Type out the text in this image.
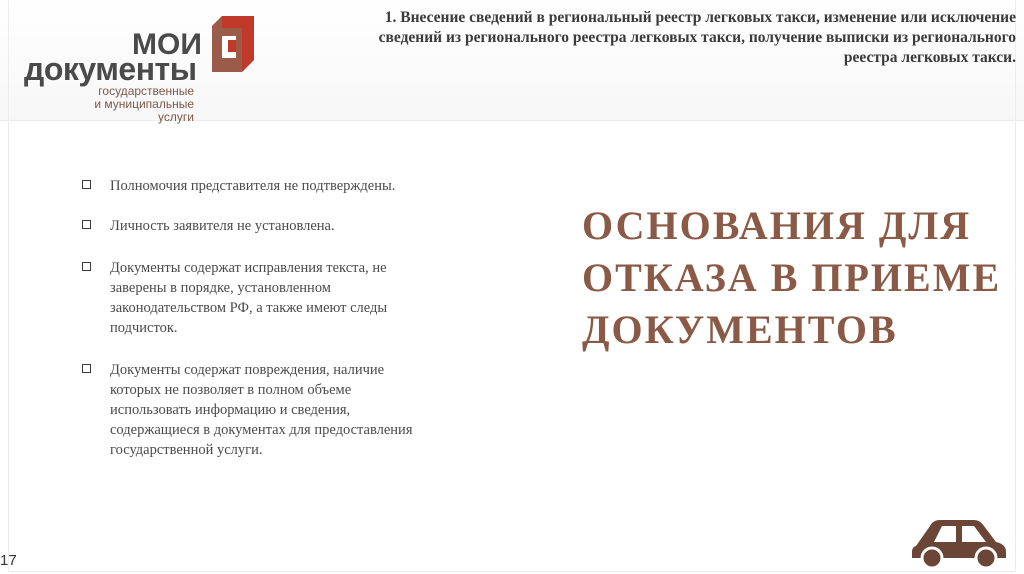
МОИ
документы
государственные
и муниципальные услуги
1. Внесение сведений в региональный реестр легковых такси, изменение или исключение
сведений из регионального реестра легковых такси, получение выписки из регионального
реестра легковых такси.
Полномочия представителя не подтверждены.
Личность заявителя не установлена.
Документы содержат исправления текста, не
заверены в порядке, установленном
законодательством РФ, а также имеют следы
подчисток.
Документы содержат повреждения, наличие
которых не позволяет в полном объеме
использовать информацию и сведения,
содержащиеся в документах для предоставления
государственной услуги.
ОСНОВАНИЯ ДЛЯ
ОТКАЗА В ПРИЕМЕ
ДОКУМЕНТОВ
17
